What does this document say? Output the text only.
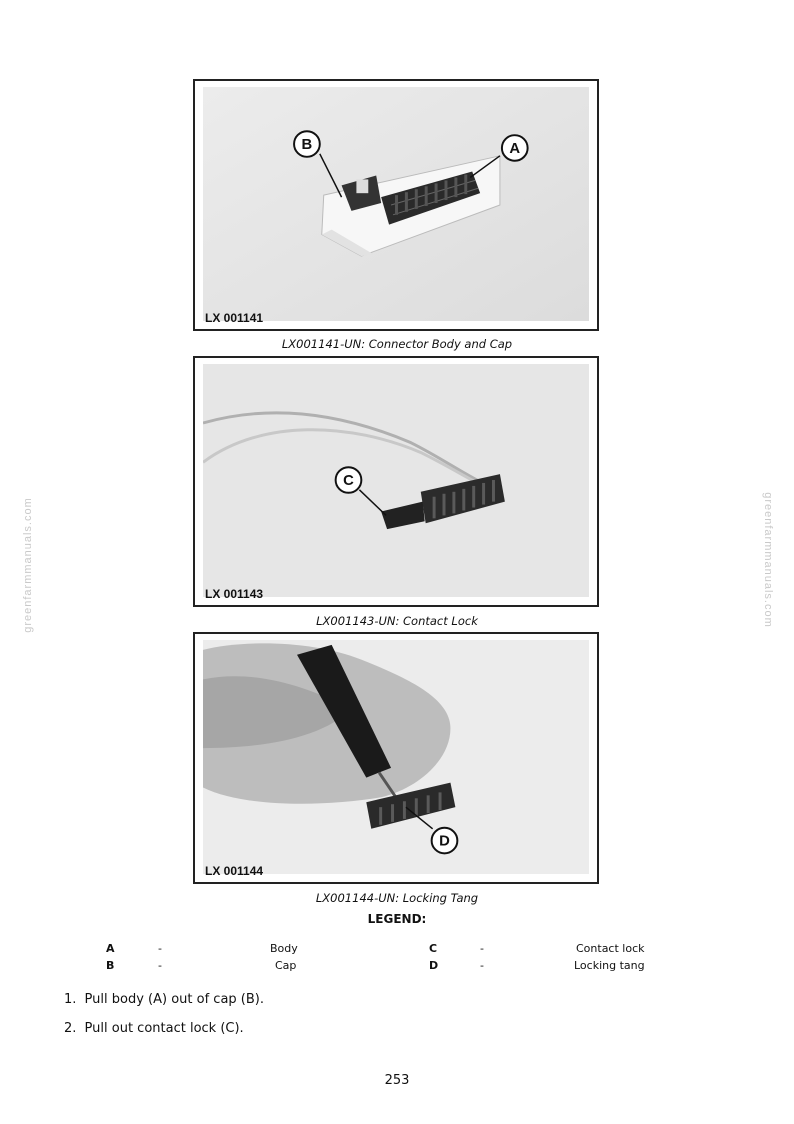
B	A
LX 001141
LX001141-UN: Connector Body and Cap
C
LX 001143
LX001143-UN: Contact Lock
D
LX 001144
LX001144-UN: Locking Tang
LEGEND:
A	-	Body
B	-	Cap
C	-	Contact lock
D	-	Locking tang
1. Pull body (A) out of cap (B).
2. Pull out contact lock (C).
253
greenfarmmanuals.com	greenfarmmanuals.com
